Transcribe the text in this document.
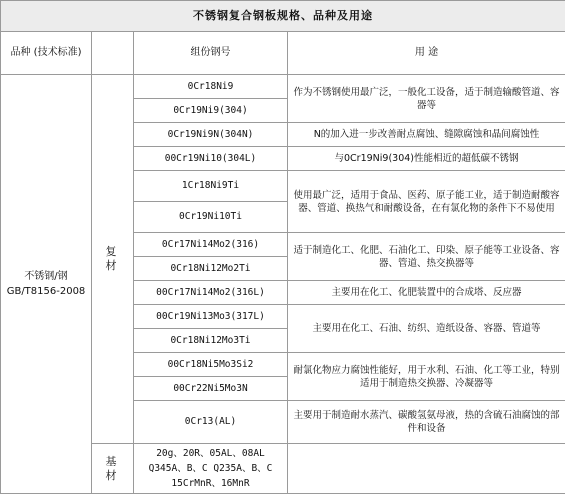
不锈钢复合钢板规格、品种及用途			
品种 (技术标准)		组份钢号	用 途
不锈钢/钢 GB/T8156-2008	复 材	0Cr18Ni9	作为不锈钢使用最广泛，一般化工设备，适于制造输酸管道、容器等
		0Cr19Ni9(304)	
		0Cr19Ni9N(304N)	N的加入进一步改善耐点腐蚀、缝隙腐蚀和晶间腐蚀性
		00Cr19Ni10(304L)	与0Cr19Ni9(304)性能相近的超低碳不锈钢
		1Cr18Ni9Ti	使用最广泛，适用于食品、医药、原子能工业，适于制造耐酸容器、管道、换热气和耐酸设备，在有氯化物的条件下不易使用
		0Cr19Ni10Ti	
		0Cr17Ni14Mo2(316)	适于制造化工、化肥、石油化工、印染、原子能等工业设备、容器、管道、热交换器等
		0Cr18Ni12Mo2Ti	
		00Cr17Ni14Mo2(316L)	主要用在化工、化肥装置中的合成塔、反应器
		00Cr19Ni13Mo3(317L)	主要用在化工、石油、纺织、造纸设备、容器、管道等
		0Cr18Ni12Mo3Ti	
		00Cr18Ni5Mo3Si2	耐氯化物应力腐蚀性能好，用于水利、石油、化工等工业，特别适用于制造热交换器、冷凝器等
		00Cr22Ni5Mo3N	
		0Cr13(AL)	主要用于制造耐水蒸汽、碳酸氢氨母液，热的含硫石油腐蚀的部件和设备
	基 材	20g、20R、05AL、08AL
Q345A、B、C Q235A、B、C
15CrMnR、16MnR	
